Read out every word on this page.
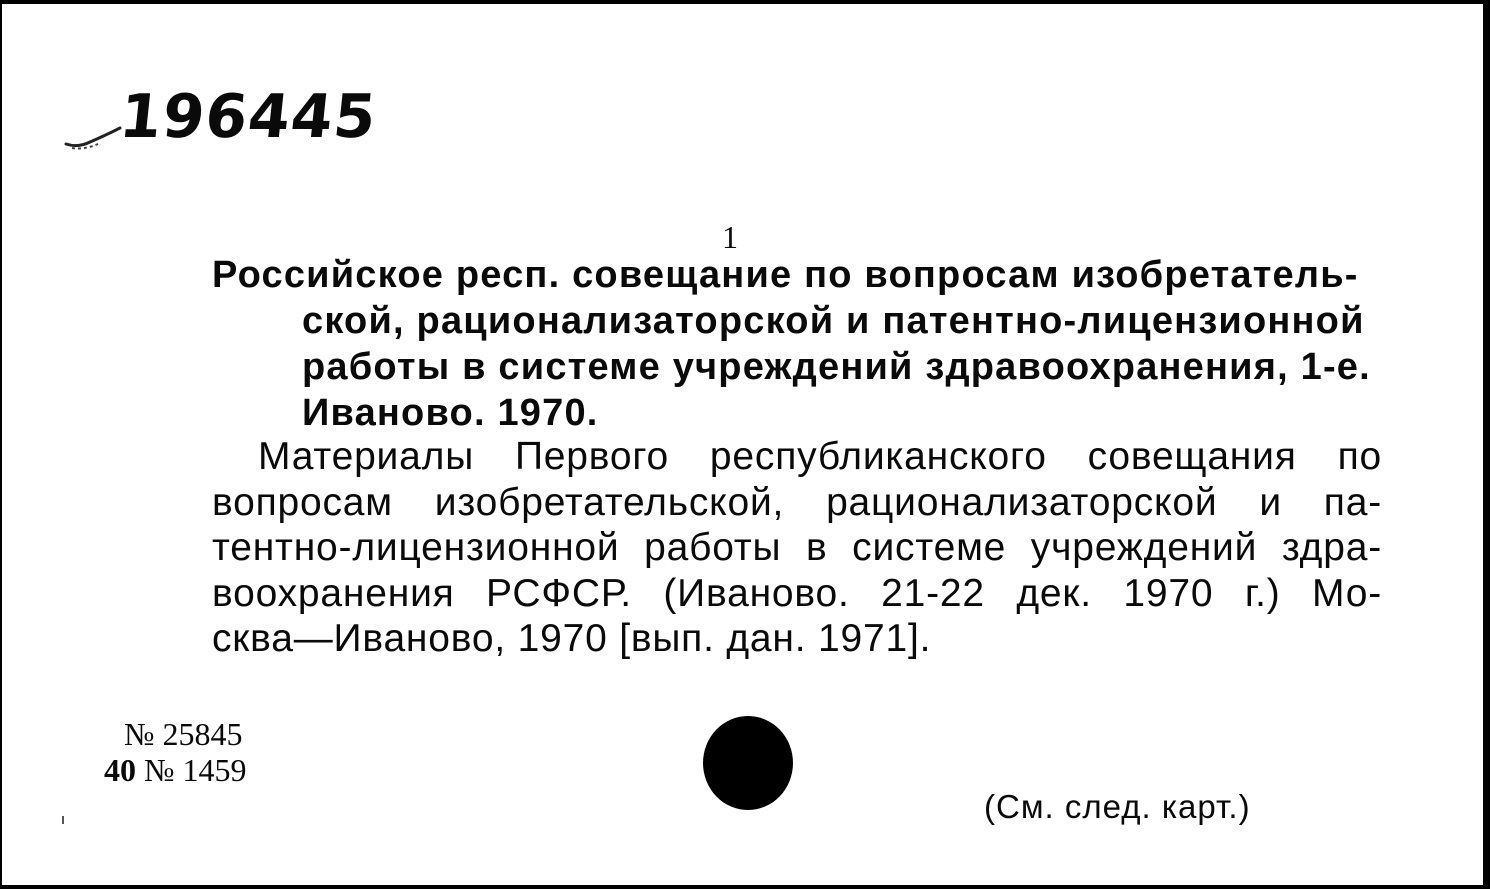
196445
1

Российское респ. совещание по вопросам изобретатель-
ской, рационализаторской и патентно-лицензионной
работы в системе учреждений здравоохранения, 1-е.
Иваново. 1970.

Материалы Первого республиканского совещания по
вопросам изобретательской, рационализаторской и па-
тентно-лицензионной работы в системе учреждений здра-
воохранения РСФСР. (Иваново. 21-22 дек. 1970 г.) Мо-
сква—Иваново, 1970 [вып. дан. 1971].

№ 25845
40 № 1459
(См. след. карт.)
